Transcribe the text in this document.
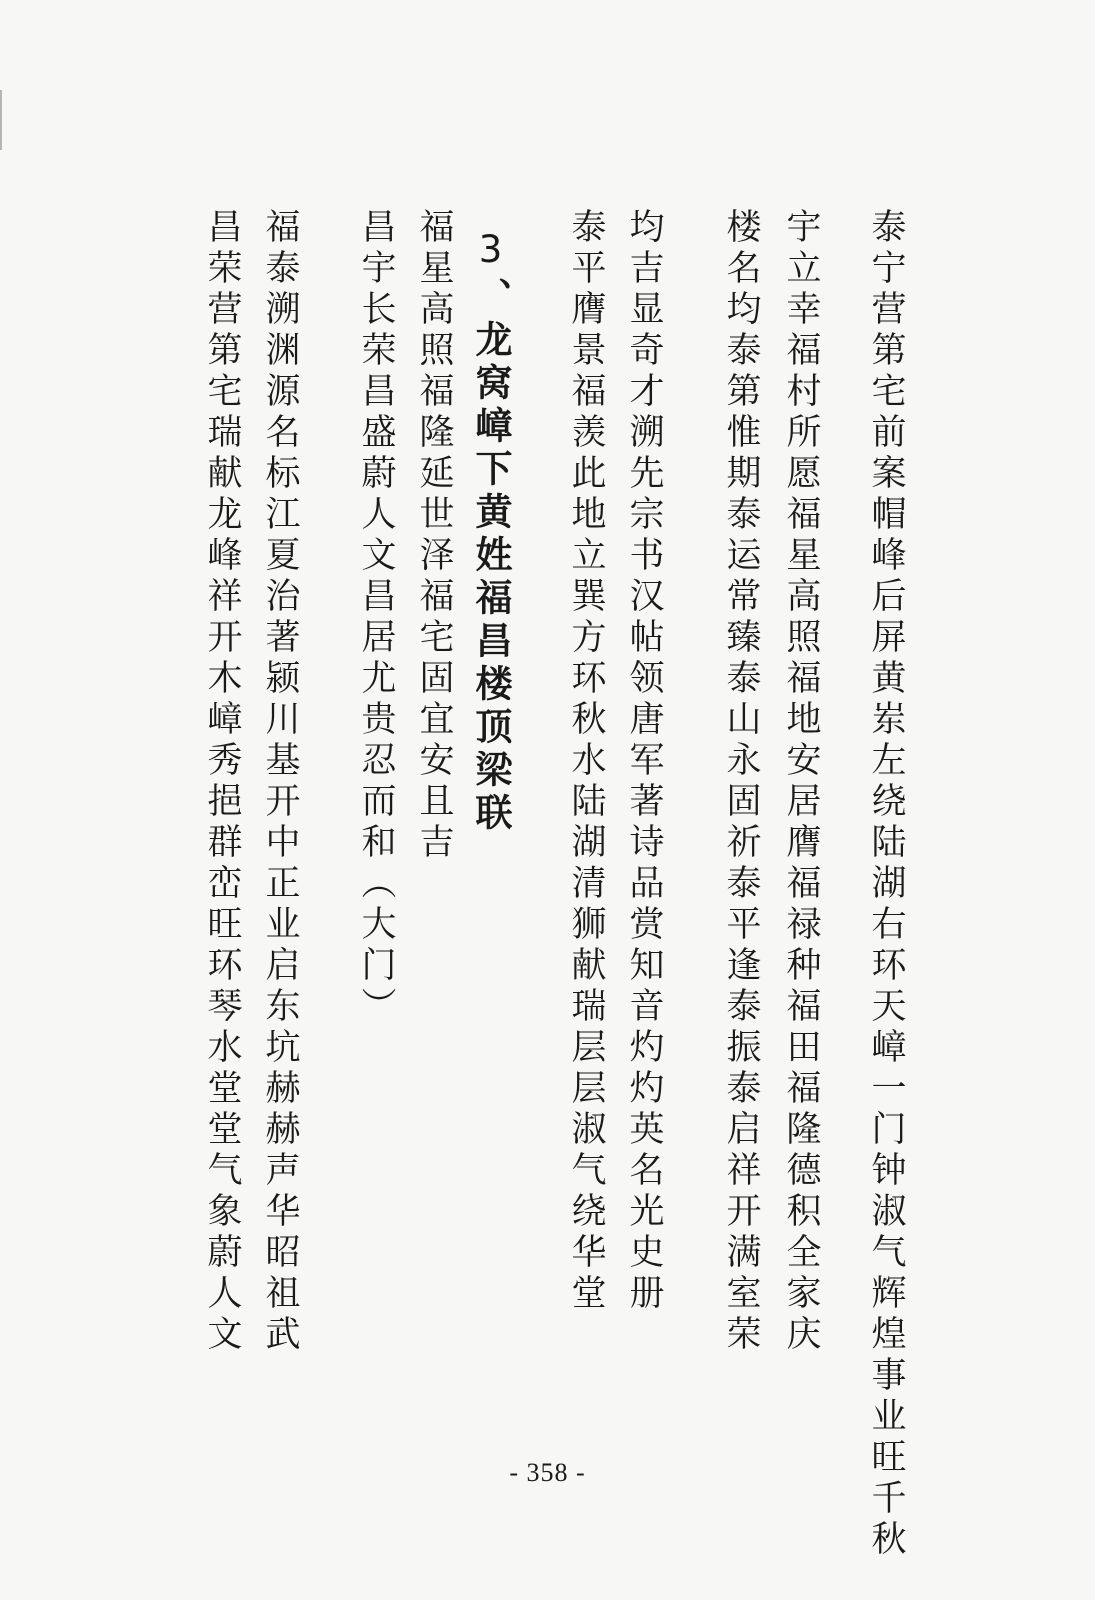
泰宁营第宅前案帽峰后屏黄岽左绕陆湖右环天嶂一门钟淑气辉煌事业旺千秋
宇立幸福村所愿福星高照福地安居膺福禄种福田福隆德积全家庆
楼名均泰第惟期泰运常臻泰山永固祈泰平逢泰振泰启祥开满室荣
均吉显奇才溯先宗书汉帖领唐军著诗品赏知音灼灼英名光史册
泰平膺景福羡此地立巽方环秋水陆湖清狮献瑞层层淑气绕华堂
3、龙窝嶂下黄姓福昌楼顶梁联
福星高照福隆延世泽福宅固宜安且吉
昌宇长荣昌盛蔚人文昌居尤贵忍而和（大门）
福泰溯渊源名标江夏治著颍川基开中正业启东坑赫赫声华昭祖武
昌荣营第宅瑞献龙峰祥开木嶂秀挹群峦旺环琴水堂堂气象蔚人文
- 358 -
